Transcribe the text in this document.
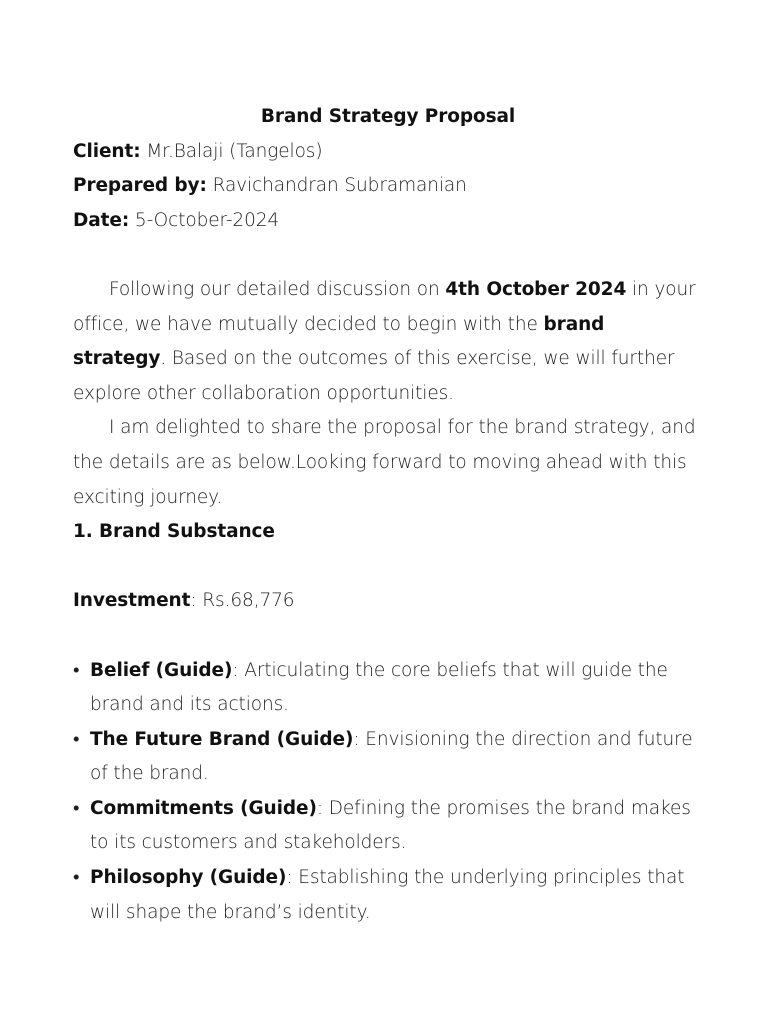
Brand Strategy Proposal
Client: Mr.Balaji (Tangelos)
Prepared by: Ravichandran Subramanian
Date: 5-October-2024

Following our detailed discussion on 4th October 2024 in your office, we have mutually decided to begin with the brand strategy. Based on the outcomes of this exercise, we will further explore other collaboration opportunities.

I am delighted to share the proposal for the brand strategy, and the details are as below.Looking forward to moving ahead with this exciting journey.

1. Brand Substance
Investment: Rs.68,776
• Belief (Guide): Articulating the core beliefs that will guide the brand and its actions.
• The Future Brand (Guide): Envisioning the direction and future of the brand.
• Commitments (Guide): Defining the promises the brand makes to its customers and stakeholders.
• Philosophy (Guide): Establishing the underlying principles that will shape the brand’s identity.
